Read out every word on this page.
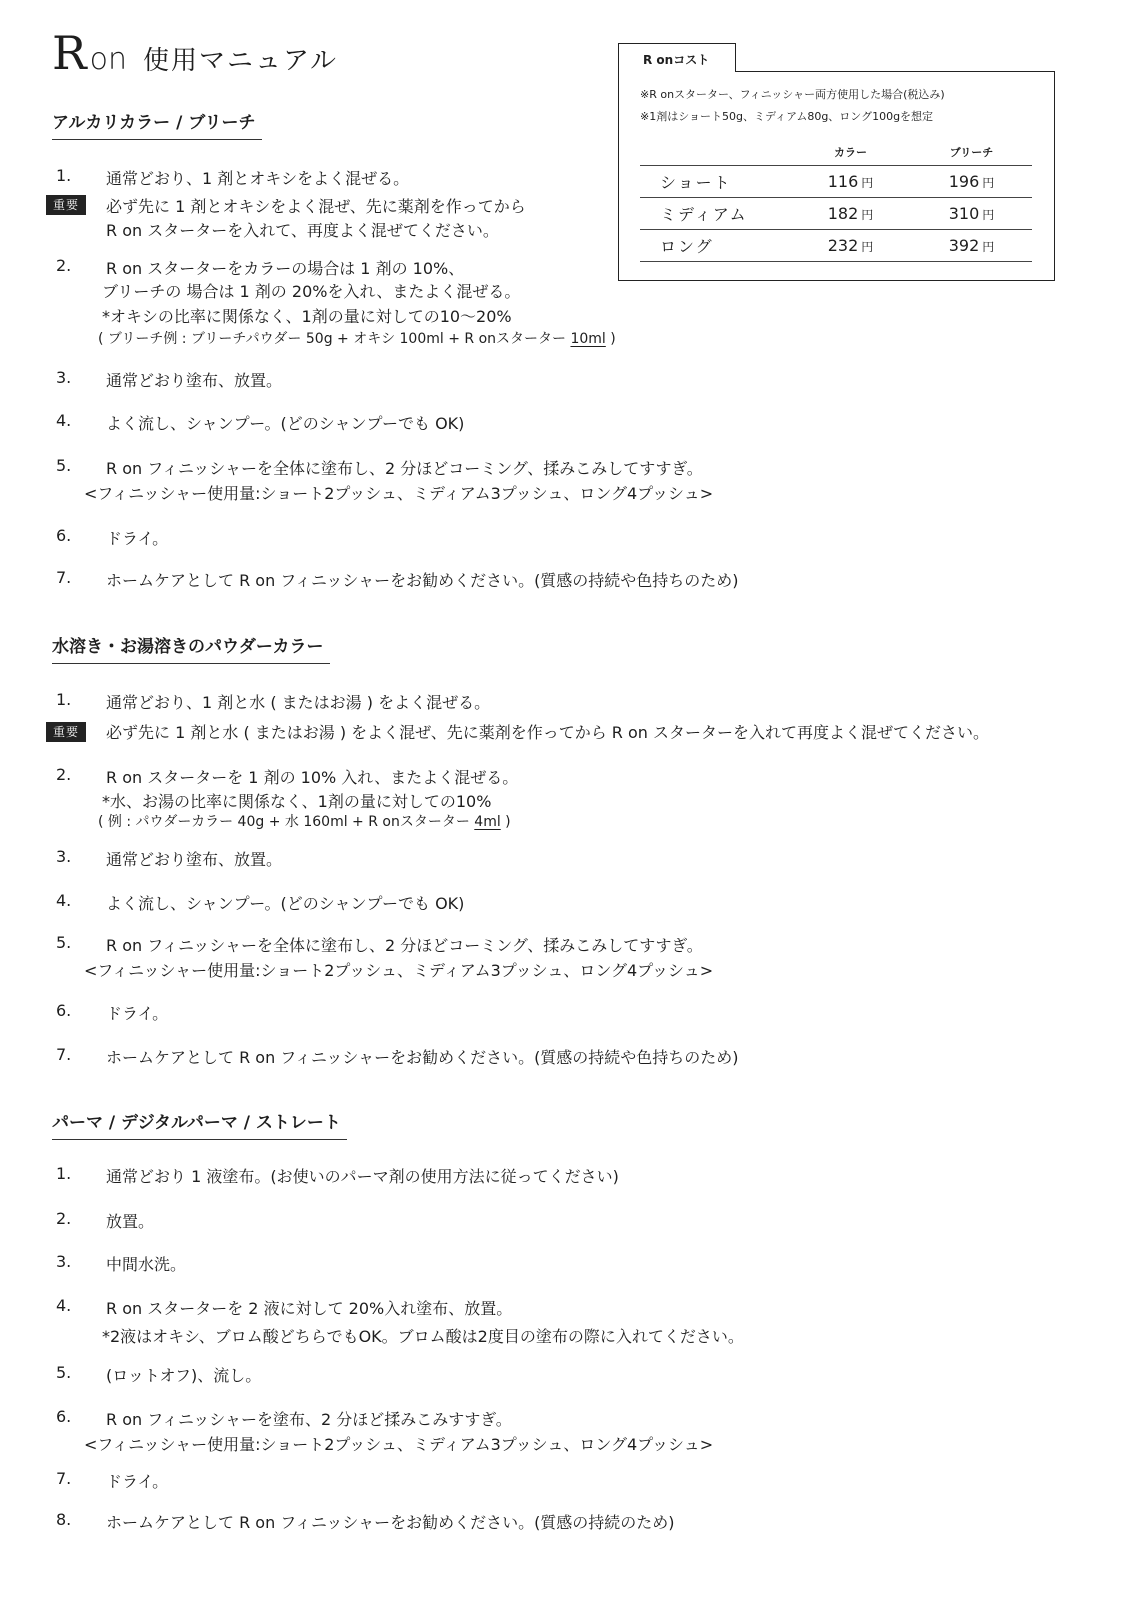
Ron 使用マニュアル	R onコスト
※R onスターター、フィニッシャー両方使用した場合(税込み)
※1剤はショート50g、ミディアム80g、ロング100gを想定
	カラー	ブリーチ
ショート	116 円	196 円
ミディアム	182 円	310 円
ロング	232 円	392 円
アルカリカラー / ブリーチ
1. 通常どおり、1 剤とオキシをよく混ぜる。
重要	必ず先に 1 剤とオキシをよく混ぜ、先に薬剤を作ってから
R on スターターを入れて、再度よく混ぜてください。
2. R on スターターをカラーの場合は 1 剤の 10%、
ブリーチの 場合は 1 剤の 20%を入れ、またよく混ぜる。
*オキシの比率に関係なく、1剤の量に対しての10〜20%
( ブリーチ例 : ブリーチパウダー 50g + オキシ 100ml + R onスターター 10ml )
3. 通常どおり塗布、放置。
4. よく流し、シャンプー。(どのシャンプーでも OK)
5. R on フィニッシャーを全体に塗布し、2 分ほどコーミング、揉みこみしてすすぎ。
<フィニッシャー使用量:ショート2プッシュ、ミディアム3プッシュ、ロング4プッシュ>
6. ドライ。
7. ホームケアとして R on フィニッシャーをお勧めください。(質感の持続や色持ちのため)
水溶き・お湯溶きのパウダーカラー
1. 通常どおり、1 剤と水 ( またはお湯 ) をよく混ぜる。
重要	必ず先に 1 剤と水 ( またはお湯 ) をよく混ぜ、先に薬剤を作ってから R on スターターを入れて再度よく混ぜてください。
2. R on スターターを 1 剤の 10% 入れ、またよく混ぜる。
*水、お湯の比率に関係なく、1剤の量に対しての10%
( 例 : パウダーカラー 40g + 水 160ml + R onスターター 4ml )
3. 通常どおり塗布、放置。
4. よく流し、シャンプー。(どのシャンプーでも OK)
5. R on フィニッシャーを全体に塗布し、2 分ほどコーミング、揉みこみしてすすぎ。
<フィニッシャー使用量:ショート2プッシュ、ミディアム3プッシュ、ロング4プッシュ>
6. ドライ。
7. ホームケアとして R on フィニッシャーをお勧めください。(質感の持続や色持ちのため)
パーマ / デジタルパーマ / ストレート
1. 通常どおり 1 液塗布。(お使いのパーマ剤の使用方法に従ってください)
2. 放置。
3. 中間水洗。
4. R on スターターを 2 液に対して 20%入れ塗布、放置。
*2液はオキシ、ブロム酸どちらでもOK。ブロム酸は2度目の塗布の際に入れてください。
5. (ロットオフ)、流し。
6. R on フィニッシャーを塗布、2 分ほど揉みこみすすぎ。
<フィニッシャー使用量:ショート2プッシュ、ミディアム3プッシュ、ロング4プッシュ>
7. ドライ。
8. ホームケアとして R on フィニッシャーをお勧めください。(質感の持続のため)
